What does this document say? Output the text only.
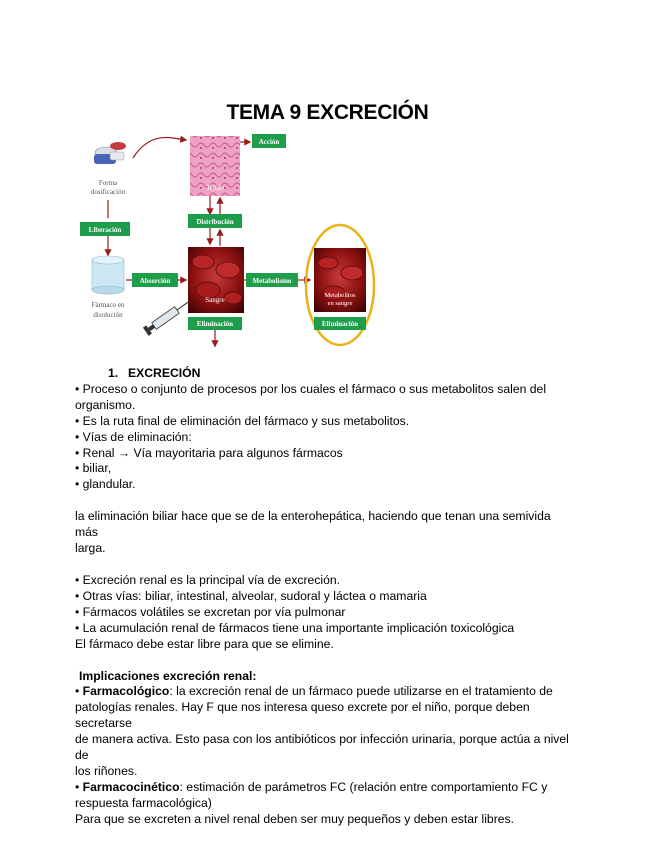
TEMA 9 EXCRECIÓN
Forma
dosificación
Liberación
Fármaco en
disolución
Absorción
Tejido
Acción
Distribución
Sangre
Eliminación
Metabolismo
Metabolitos
en sangre
Eliminación

1. EXCRECIÓN

• Proceso o conjunto de procesos por los cuales el fármaco o sus metabolitos salen del

organismo.

• Es la ruta final de eliminación del fármaco y sus metabolitos.

• Vías de eliminación:

• Renal → Vía mayoritaria para algunos fármacos

• biliar,

• glandular.

la eliminación biliar hace que se de la enterohepática, haciendo que tenan una semivida más

larga.

• Excreción renal es la principal vía de excreción.

• Otras vías: biliar, intestinal, alveolar, sudoral y láctea o mamaria

• Fármacos volátiles se excretan por vía pulmonar

• La acumulación renal de fármacos tiene una importante implicación toxicológica

El fármaco debe estar libre para que se elimine.

Implicaciones excreción renal:

• Farmacológico: la excreción renal de un fármaco puede utilizarse en el tratamiento de

patologías renales. Hay F que nos interesa queso excrete por el niño, porque deben secretarse

de manera activa. Esto pasa con los antibióticos por infección urinaria, porque actúa a nivel de

los riñones.

• Farmacocinético: estimación de parámetros FC (relación entre comportamiento FC y

respuesta farmacológica)

Para que se excreten a nivel renal deben ser muy pequeños y deben estar libres.
